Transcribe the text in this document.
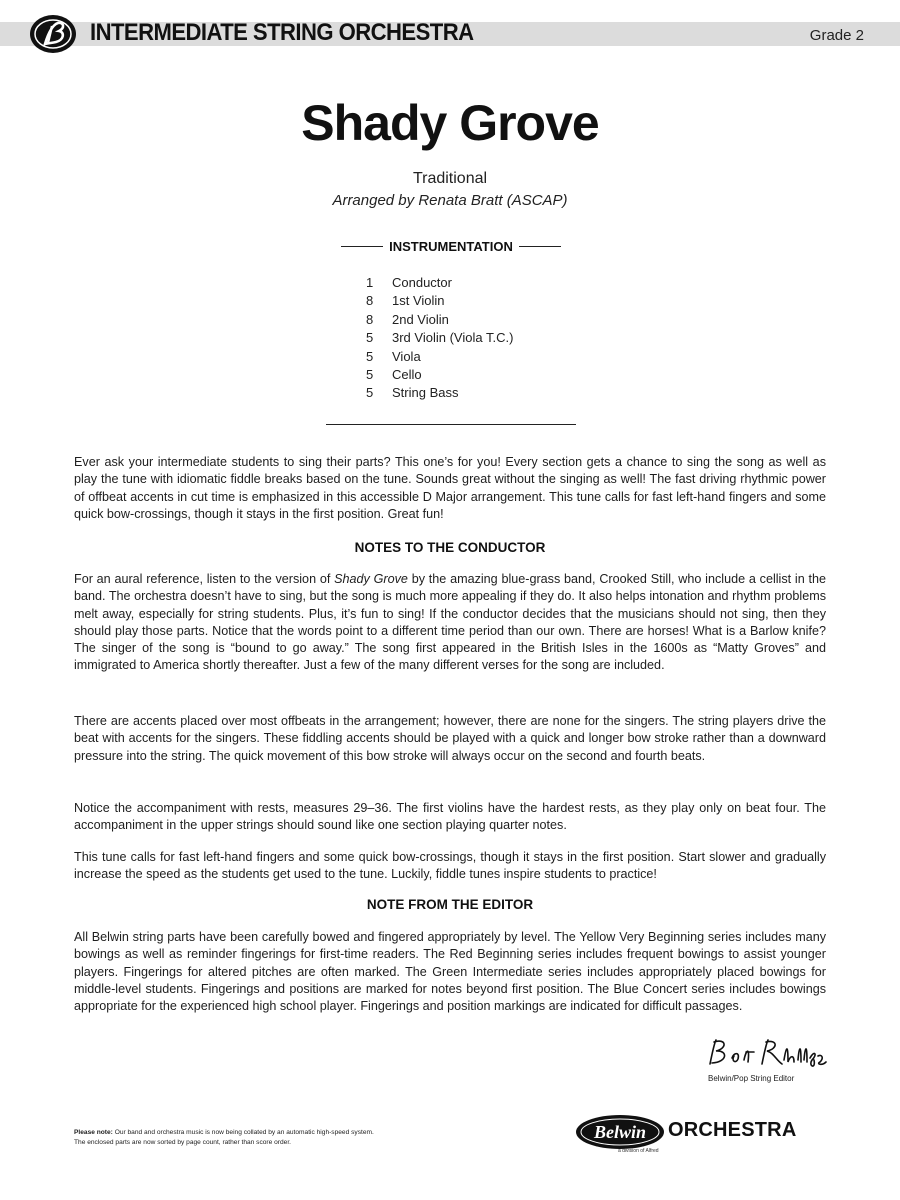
INTERMEDIATE STRING ORCHESTRA	Grade 2
Shady Grove
Traditional
Arranged by Renata Bratt (ASCAP)
INSTRUMENTATION
1	Conductor
8	1st Violin
8	2nd Violin
5	3rd Violin (Viola T.C.)
5	Viola
5	Cello
5	String Bass

Ever ask your intermediate students to sing their parts? This one’s for you! Every section gets a chance to sing the song as well as play the tune with idiomatic fiddle breaks based on the tune. Sounds great without the singing as well! The fast driving rhythmic power of offbeat accents in cut time is emphasized in this accessible D Major arrangement. This tune calls for fast left-hand fingers and some quick bow-crossings, though it stays in the first position. Great fun!

NOTES TO THE CONDUCTOR

For an aural reference, listen to the version of Shady Grove by the amazing blue-grass band, Crooked Still, who include a cellist in the band. The orchestra doesn’t have to sing, but the song is much more appealing if they do. It also helps intonation and rhythm problems melt away, especially for string students. Plus, it’s fun to sing! If the conductor decides that the musicians should not sing, then they should play those parts. Notice that the words point to a different time period than our own. There are horses! What is a Barlow knife? The singer of the song is “bound to go away.” The song first appeared in the British Isles in the 1600s as “Matty Groves” and immigrated to America shortly thereafter. Just a few of the many different verses for the song are included.

There are accents placed over most offbeats in the arrangement; however, there are none for the singers. The string players drive the beat with accents for the singers. These fiddling accents should be played with a quick and longer bow stroke rather than a downward pressure into the string. The quick movement of this bow stroke will always occur on the second and fourth beats.

Notice the accompaniment with rests, measures 29–36. The first violins have the hardest rests, as they play only on beat four. The accompaniment in the upper strings should sound like one section playing quarter notes.

This tune calls for fast left-hand fingers and some quick bow-crossings, though it stays in the first position. Start slower and gradually increase the speed as the students get used to the tune. Luckily, fiddle tunes inspire students to practice!

NOTE FROM THE EDITOR

All Belwin string parts have been carefully bowed and fingered appropriately by level. The Yellow Very Beginning series includes many bowings as well as reminder fingerings for first-time readers. The Red Beginning series includes frequent bowings to assist younger players. Fingerings for altered pitches are often marked. The Green Intermediate series includes appropriately placed bowings for middle-level students. Fingerings and positions are marked for notes beyond first position. The Blue Concert series includes bowings appropriate for the experienced high school player. Fingerings and position markings are indicated for difficult passages.

Belwin/Pop String Editor
Please note: Our band and orchestra music is now being collated by an automatic high-speed system.
The enclosed parts are now sorted by page count, rather than score order.
Belwin ORCHESTRA
a division of Alfred
